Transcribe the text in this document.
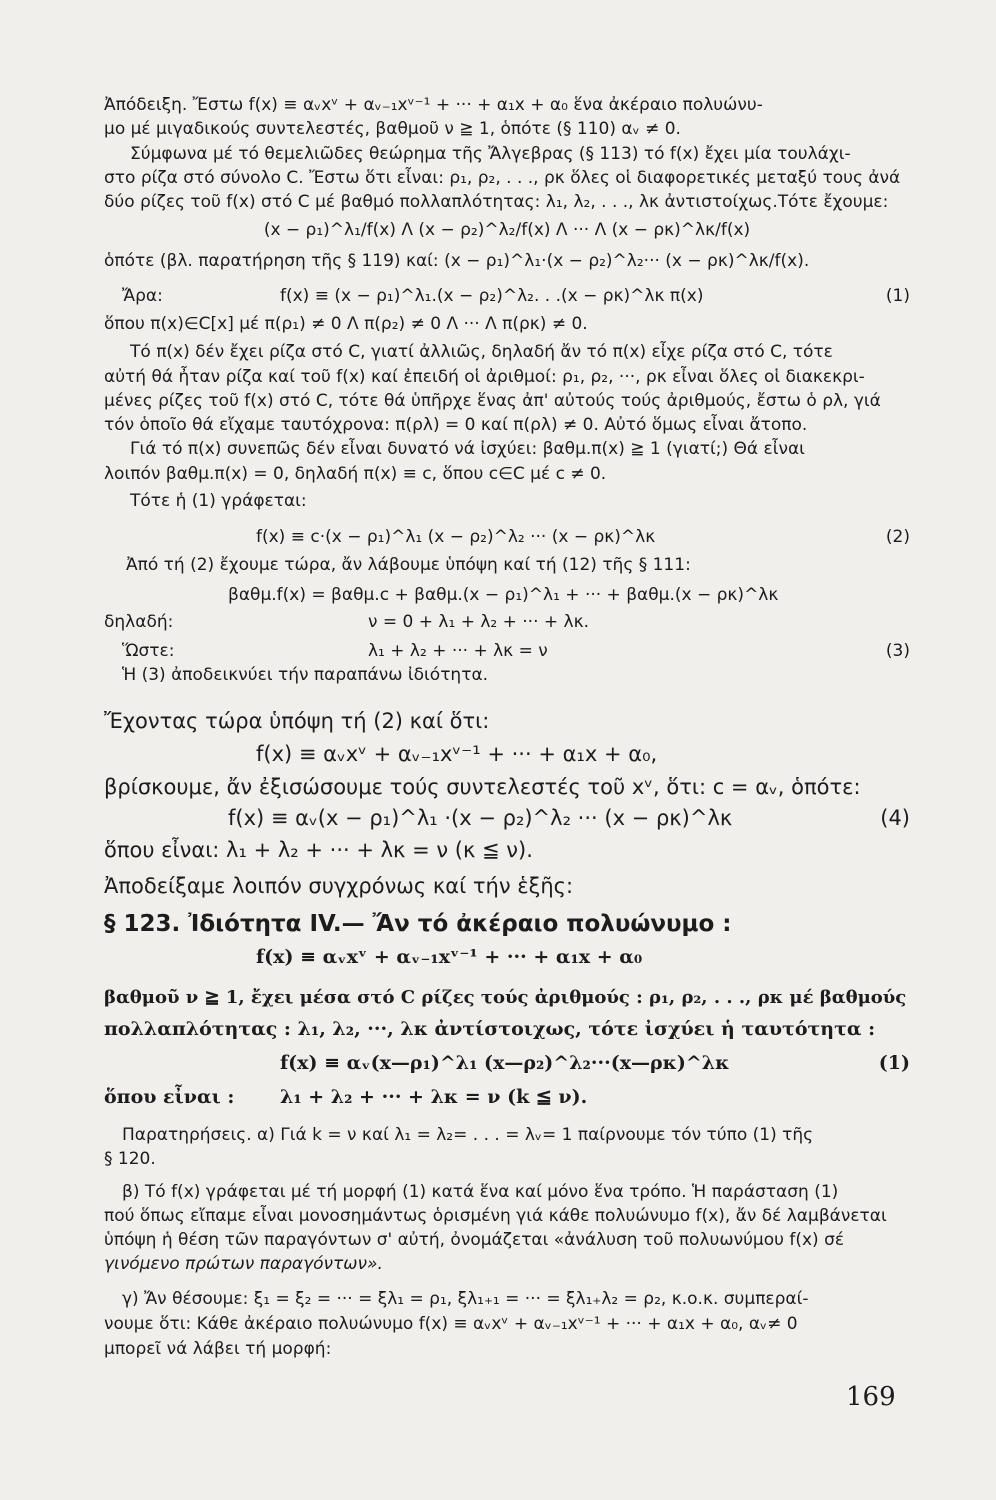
Ἀπόδειξη. Ἔστω f(x) ≡ αᵥxᵛ + αᵥ₋₁xᵛ⁻¹ + ··· + α₁x + α₀ ἕνα ἀκέραιο πολυώνυ-
μο μέ μιγαδικούς συντελεστές, βαθμοῦ ν ≧ 1, ὁπότε (§ 110) αᵥ ≠ 0.
Σύμφωνα μέ τό θεμελιῶδες θεώρημα τῆς Ἄλγεβρας (§ 113) τό f(x) ἔχει μία τουλάχι-
στο ρίζα στό σύνολο C. Ἔστω ὅτι εἶναι: ρ₁, ρ₂, . . ., ρκ ὅλες οἱ διαφορετικές μεταξύ τους ἀνά
δύο ρίζες τοῦ f(x) στό C μέ βαθμό πολλαπλότητας: λ₁, λ₂, . . ., λκ ἀντιστοίχως.Τότε ἔχουμε:
(x − ρ₁)^λ₁/f(x) Λ (x − ρ₂)^λ₂/f(x) Λ ··· Λ (x − ρκ)^λκ/f(x)
ὁπότε (βλ. παρατήρηση τῆς § 119) καί: (x − ρ₁)^λ₁·(x − ρ₂)^λ₂··· (x − ρκ)^λκ/f(x).
Ἄρα:	f(x) ≡ (x − ρ₁)^λ₁.(x − ρ₂)^λ₂. . .(x − ρκ)^λκ π(x)	(1)
ὅπου π(x)∈C[x] μέ π(ρ₁) ≠ 0 Λ π(ρ₂) ≠ 0 Λ ··· Λ π(ρκ) ≠ 0.
Τό π(x) δέν ἔχει ρίζα στό C, γιατί ἀλλιῶς, δηλαδή ἄν τό π(x) εἶχε ρίζα στό C, τότε
αὐτή θά ἦταν ρίζα καί τοῦ f(x) καί ἐπειδή οἱ ἀριθμοί: ρ₁, ρ₂, ···, ρκ εἶναι ὅλες οἱ διακεκρι-
μένες ρίζες τοῦ f(x) στό C, τότε θά ὑπῆρχε ἕνας ἀπ' αὐτούς τούς ἀριθμούς, ἔστω ὁ ρλ, γιά
τόν ὁποῖο θά εἴχαμε ταυτόχρονα: π(ρλ) = 0 καί π(ρλ) ≠ 0. Αὐτό ὅμως εἶναι ἄτοπο.
Γιά τό π(x) συνεπῶς δέν εἶναι δυνατό νά ἰσχύει: βαθμ.π(x) ≧ 1 (γιατί;) Θά εἶναι
λοιπόν βαθμ.π(x) = 0, δηλαδή π(x) ≡ c, ὅπου c∈C μέ c ≠ 0.
Τότε ἡ (1) γράφεται:
f(x) ≡ c·(x − ρ₁)^λ₁ (x − ρ₂)^λ₂ ··· (x − ρκ)^λκ	(2)
Ἀπό τή (2) ἔχουμε τώρα, ἄν λάβουμε ὑπόψη καί τή (12) τῆς § 111:
βαθμ.f(x) = βαθμ.c + βαθμ.(x − ρ₁)^λ₁ + ··· + βαθμ.(x − ρκ)^λκ
δηλαδή:	ν = 0 + λ₁ + λ₂ + ··· + λκ.
Ὥστε:	λ₁ + λ₂ + ··· + λκ = ν	(3)
Ἡ (3) ἀποδεικνύει τήν παραπάνω ἰδιότητα.
Ἔχοντας τώρα ὑπόψη τή (2) καί ὅτι:
f(x) ≡ αᵥxᵛ + αᵥ₋₁xᵛ⁻¹ + ··· + α₁x + α₀,
βρίσκουμε, ἄν ἐξισώσουμε τούς συντελεστές τοῦ xᵛ, ὅτι: c = αᵥ, ὁπότε:
f(x) ≡ αᵥ(x − ρ₁)^λ₁ ·(x − ρ₂)^λ₂ ··· (x − ρκ)^λκ	(4)
ὅπου εἶναι: λ₁ + λ₂ + ··· + λκ = ν (κ ≦ ν).
Ἀποδείξαμε λοιπόν συγχρόνως καί τήν ἑξῆς:
§ 123. Ἰδιότητα IV.— Ἄν τό ἀκέραιο πολυώνυμο :
f(x) ≡ αᵥxᵛ + αᵥ₋₁xᵛ⁻¹ + ··· + α₁x + α₀
βαθμοῦ ν ≧ 1, ἔχει μέσα στό C ρίζες τούς ἀριθμούς : ρ₁, ρ₂, . . ., ρκ μέ βαθμούς
πολλαπλότητας : λ₁, λ₂, ···, λκ ἀντίστοιχως, τότε ἰσχύει ἡ ταυτότητα :
f(x) ≡ αᵥ(x—ρ₁)^λ₁ (x—ρ₂)^λ₂···(x—ρκ)^λκ	(1)
ὅπου εἶναι : λ₁ + λ₂ + ··· + λκ = ν (k ≦ ν).
Παρατηρήσεις. α) Γιά k = ν καί λ₁ = λ₂= . . . = λᵥ= 1 παίρνουμε τόν τύπο (1) τῆς
§ 120.
β) Τό f(x) γράφεται μέ τή μορφή (1) κατά ἕνα καί μόνο ἕνα τρόπο. Ἡ παράσταση (1)
πού ὅπως εἴπαμε εἶναι μονοσημάντως ὁρισμένη γιά κάθε πολυώνυμο f(x), ἄν δέ λαμβάνεται
ὑπόψη ἡ θέση τῶν παραγόντων σ' αὐτή, ὀνομάζεται «ἀνάλυση τοῦ πολυωνύμου f(x) σέ
γινόμενο πρώτων παραγόντων».
γ) Ἄν θέσουμε: ξ₁ = ξ₂ = ··· = ξλ₁ = ρ₁, ξλ₁₊₁ = ··· = ξλ₁₊λ₂ = ρ₂, κ.ο.κ. συμπεραί-
νουμε ὅτι: Κάθε ἀκέραιο πολυώνυμο f(x) ≡ αᵥxᵛ + αᵥ₋₁xᵛ⁻¹ + ··· + α₁x + α₀, αᵥ≠ 0
μπορεῖ νά λάβει τή μορφή:
169
